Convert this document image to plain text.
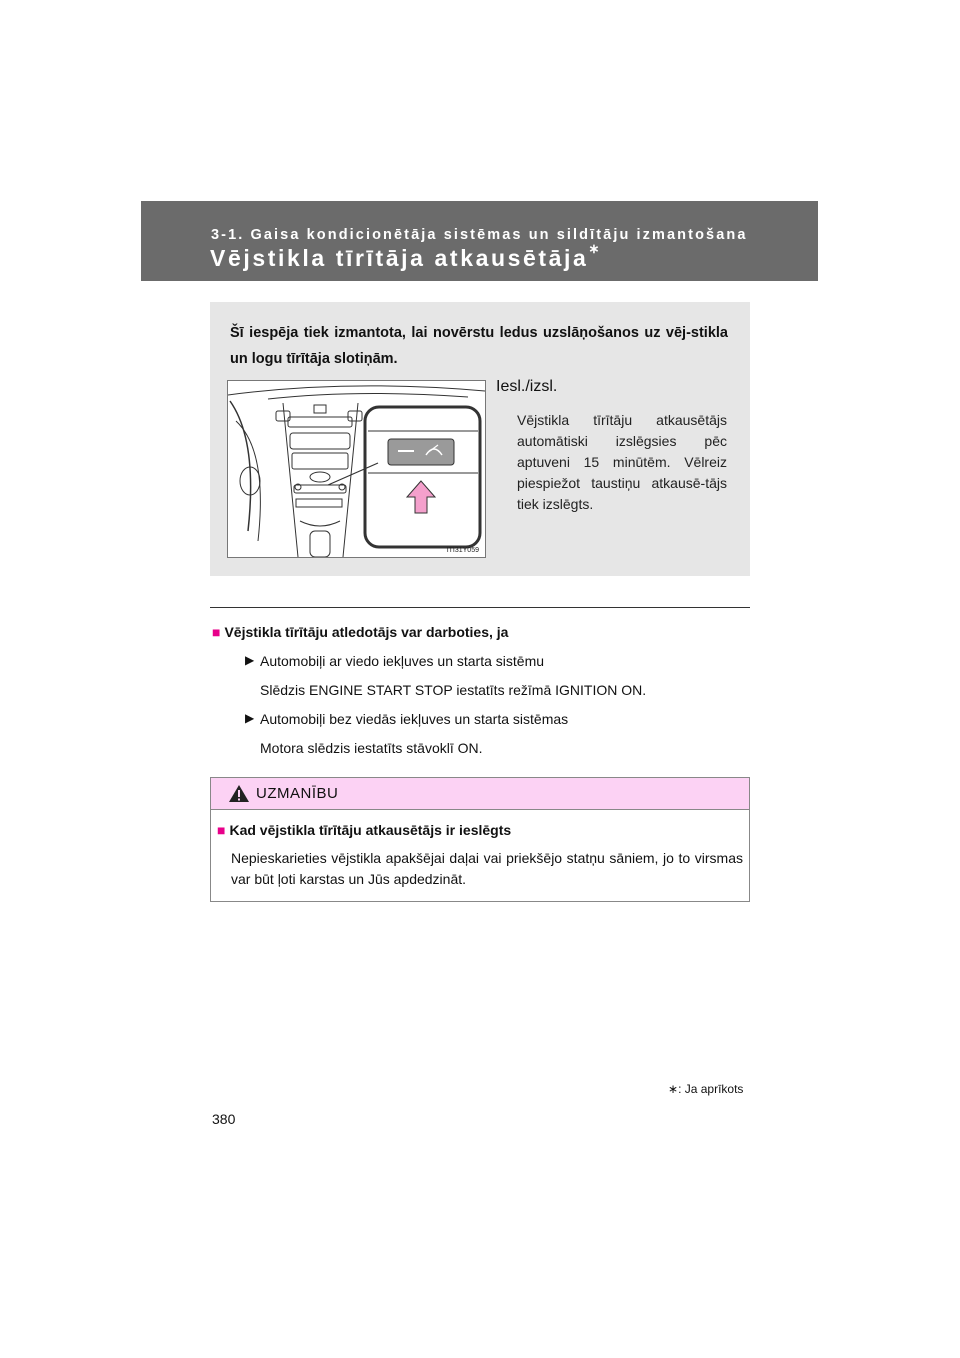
3-1. Gaisa kondicionētāja sistēmas un sildītāju izmantošana
Vējstikla tīrītāja atkausētāja∗
Šī iespēja tiek izmantota, lai novērstu ledus uzslāņošanos uz vēj-stikla un logu tīrītāja slotiņām.
ITI31Y059
Iesl./izsl.
Vējstikla tīrītāju atkausētājs automātiski izslēgsies pēc aptuveni 15 minūtēm. Vēlreiz piespiežot taustiņu atkausē-tājs tiek izslēgts.
■ Vējstikla tīrītāju atledotājs var darboties, ja
▶ Automobiļi ar viedo iekļuves un starta sistēmu
Slēdzis ENGINE START STOP iestatīts režīmā IGNITION ON.
▶ Automobiļi bez viedās iekļuves un starta sistēmas
Motora slēdzis iestatīts stāvoklī ON.
UZMANĪBU
■ Kad vējstikla tīrītāju atkausētājs ir ieslēgts
Nepieskarieties vējstikla apakšējai daļai vai priekšējo statņu sāniem, jo to virsmas var būt ļoti karstas un Jūs apdedzināt.
∗: Ja aprīkots
380
